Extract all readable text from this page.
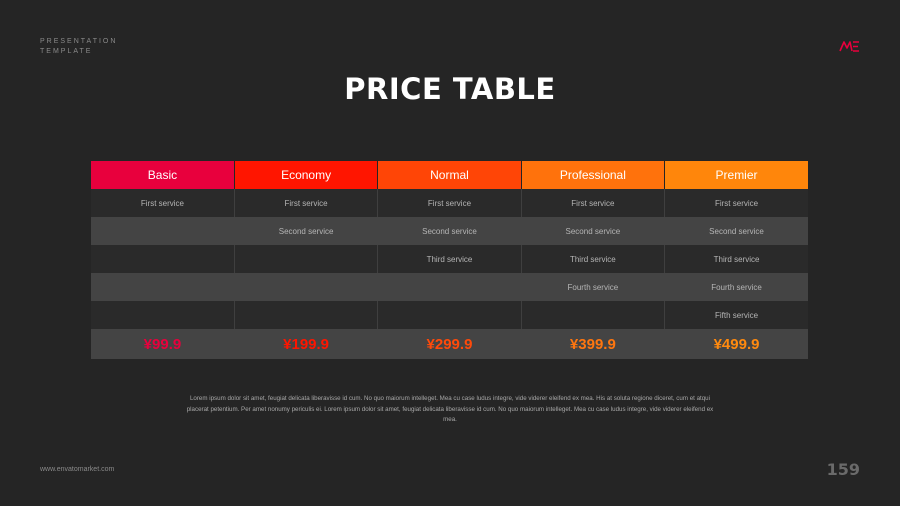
PRESENTATION
TEMPLATE
PRICE TABLE
Basic	Economy	Normal	Professional	Premier
First service	First service	First service	First service	First service
	Second service	Second service	Second service	Second service
		Third service	Third service	Third service
			Fourth service	Fourth service
				Fifth service
¥99.9	¥199.9	¥299.9	¥399.9	¥499.9
Lorem ipsum dolor sit amet, feugiat delicata liberavisse id cum. No quo maiorum intelleget. Mea cu case ludus integre, vide viderer eleifend ex mea. His at soluta regione diceret, cum et atqui placerat petentium. Per amet nonumy periculis ei. Lorem ipsum dolor sit amet, feugiat delicata liberavisse id cum. No quo maiorum intelleget. Mea cu case ludus integre, vide viderer eleifend ex mea.
www.envatomarket.com	159
